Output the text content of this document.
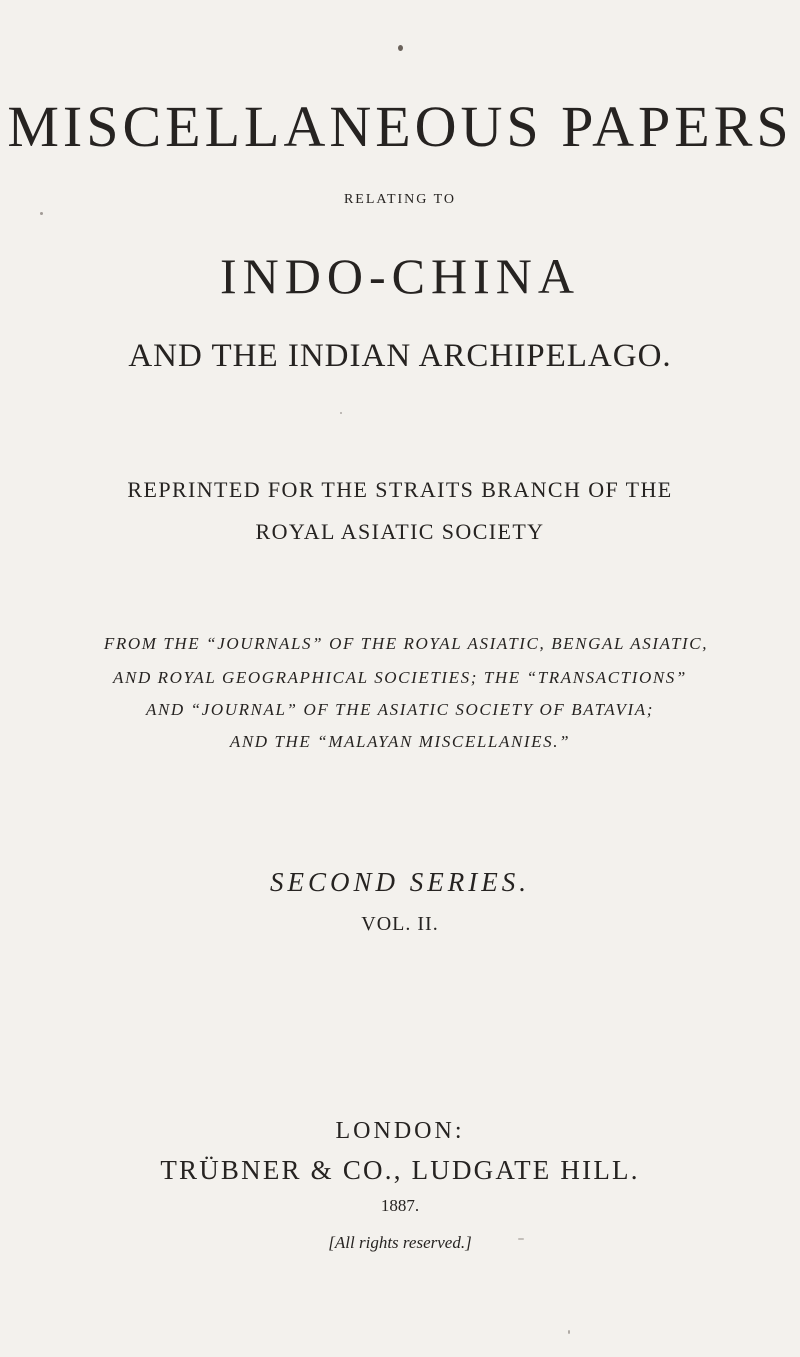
MISCELLANEOUS PAPERS
RELATING TO
INDO-CHINA
AND THE INDIAN ARCHIPELAGO.
REPRINTED FOR THE STRAITS BRANCH OF THE
ROYAL ASIATIC SOCIETY
FROM THE “JOURNALS” OF THE ROYAL ASIATIC, BENGAL ASIATIC,
AND ROYAL GEOGRAPHICAL SOCIETIES; THE “TRANSACTIONS”
AND “JOURNAL” OF THE ASIATIC SOCIETY OF BATAVIA;
AND THE “MALAYAN MISCELLANIES.”
SECOND SERIES.
VOL. II.
LONDON:
TRÜBNER & CO., LUDGATE HILL.
1887.
[All rights reserved.]
